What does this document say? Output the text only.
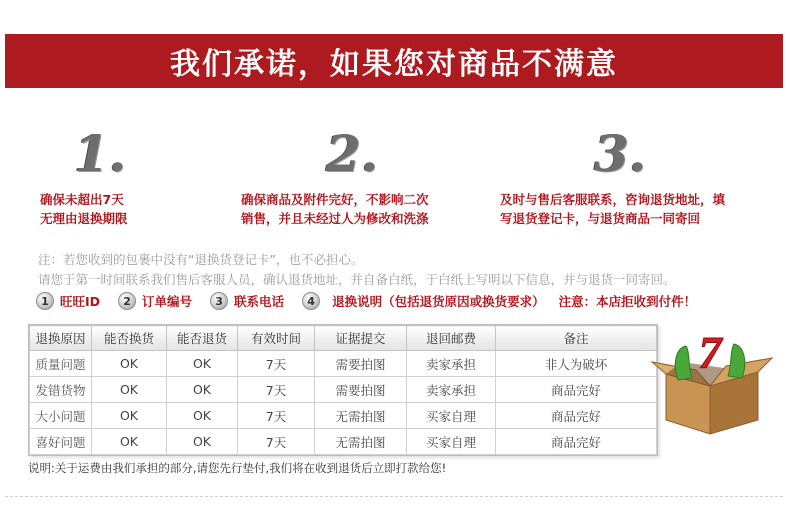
我们承诺，如果您对商品不满意
1.
确保未超出7天
无理由退换期限
2.
确保商品及附件完好，不影响二次
销售，并且未经过人为修改和洗涤
3.
及时与售后客服联系，咨询退货地址，填
写退货登记卡，与退货商品一同寄回
注：若您收到的包裹中没有“退换货登记卡”，也不必担心。
请您于第一时间联系我们售后客服人员，确认退货地址，并自备白纸，于白纸上写明以下信息，并与退货一同寄回。
1 旺旺ID	2 订单编号	3 联系电话	4	退换说明（包括退货原因或换货要求） 注意：本店拒收到付件！
退换原因	能否换货	能否退货	有效时间	证据提交	退回邮费	备注
质量问题	OK	OK	7天	需要拍图	卖家承担	非人为破坏
发错货物	OK	OK	7天	需要拍图	卖家承担	商品完好
大小问题	OK	OK	7天	无需拍图	买家自理	商品完好
喜好问题	OK	OK	7天	无需拍图	买家自理	商品完好
7
说明:关于运费由我们承担的部分,请您先行垫付,我们将在收到退货后立即打款给您!
